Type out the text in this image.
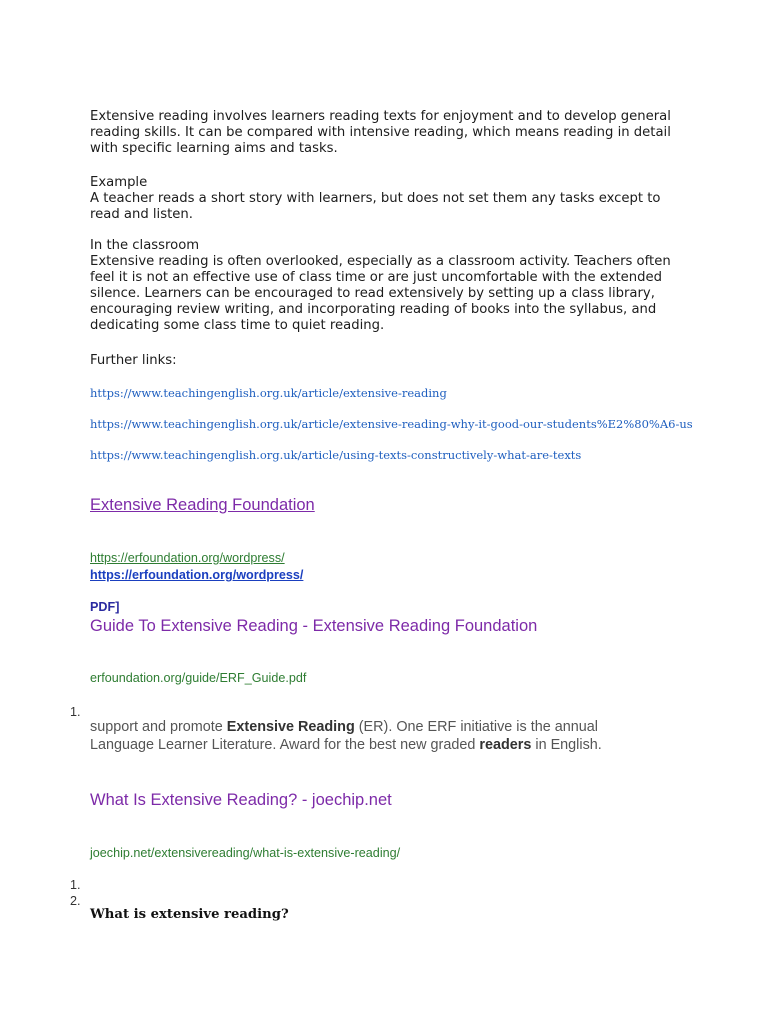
Extensive reading involves learners reading texts for enjoyment and to develop general
reading skills. It can be compared with intensive reading, which means reading in detail
with specific learning aims and tasks.
Example
A teacher reads a short story with learners, but does not set them any tasks except to
read and listen.
In the classroom
Extensive reading is often overlooked, especially as a classroom activity. Teachers often
feel it is not an effective use of class time or are just uncomfortable with the extended
silence. Learners can be encouraged to read extensively by setting up a class library,
encouraging review writing, and incorporating reading of books into the syllabus, and
dedicating some class time to quiet reading.
Further links:
https://www.teachingenglish.org.uk/article/extensive-reading
https://www.teachingenglish.org.uk/article/extensive-reading-why-it-good-our-students%E2%80%A6-us
https://www.teachingenglish.org.uk/article/using-texts-constructively-what-are-texts
Extensive Reading Foundation
https://erfoundation.org/wordpress/
https://erfoundation.org/wordpress/
PDF]
Guide To Extensive Reading - Extensive Reading Foundation
erfoundation.org/guide/ERF_Guide.pdf
1.
support and promote Extensive Reading (ER). One ERF initiative is the annual
Language Learner Literature. Award for the best new graded readers in English.
What Is Extensive Reading? - joechip.net
joechip.net/extensivereading/what-is-extensive-reading/
1.
2.
What is extensive reading?
